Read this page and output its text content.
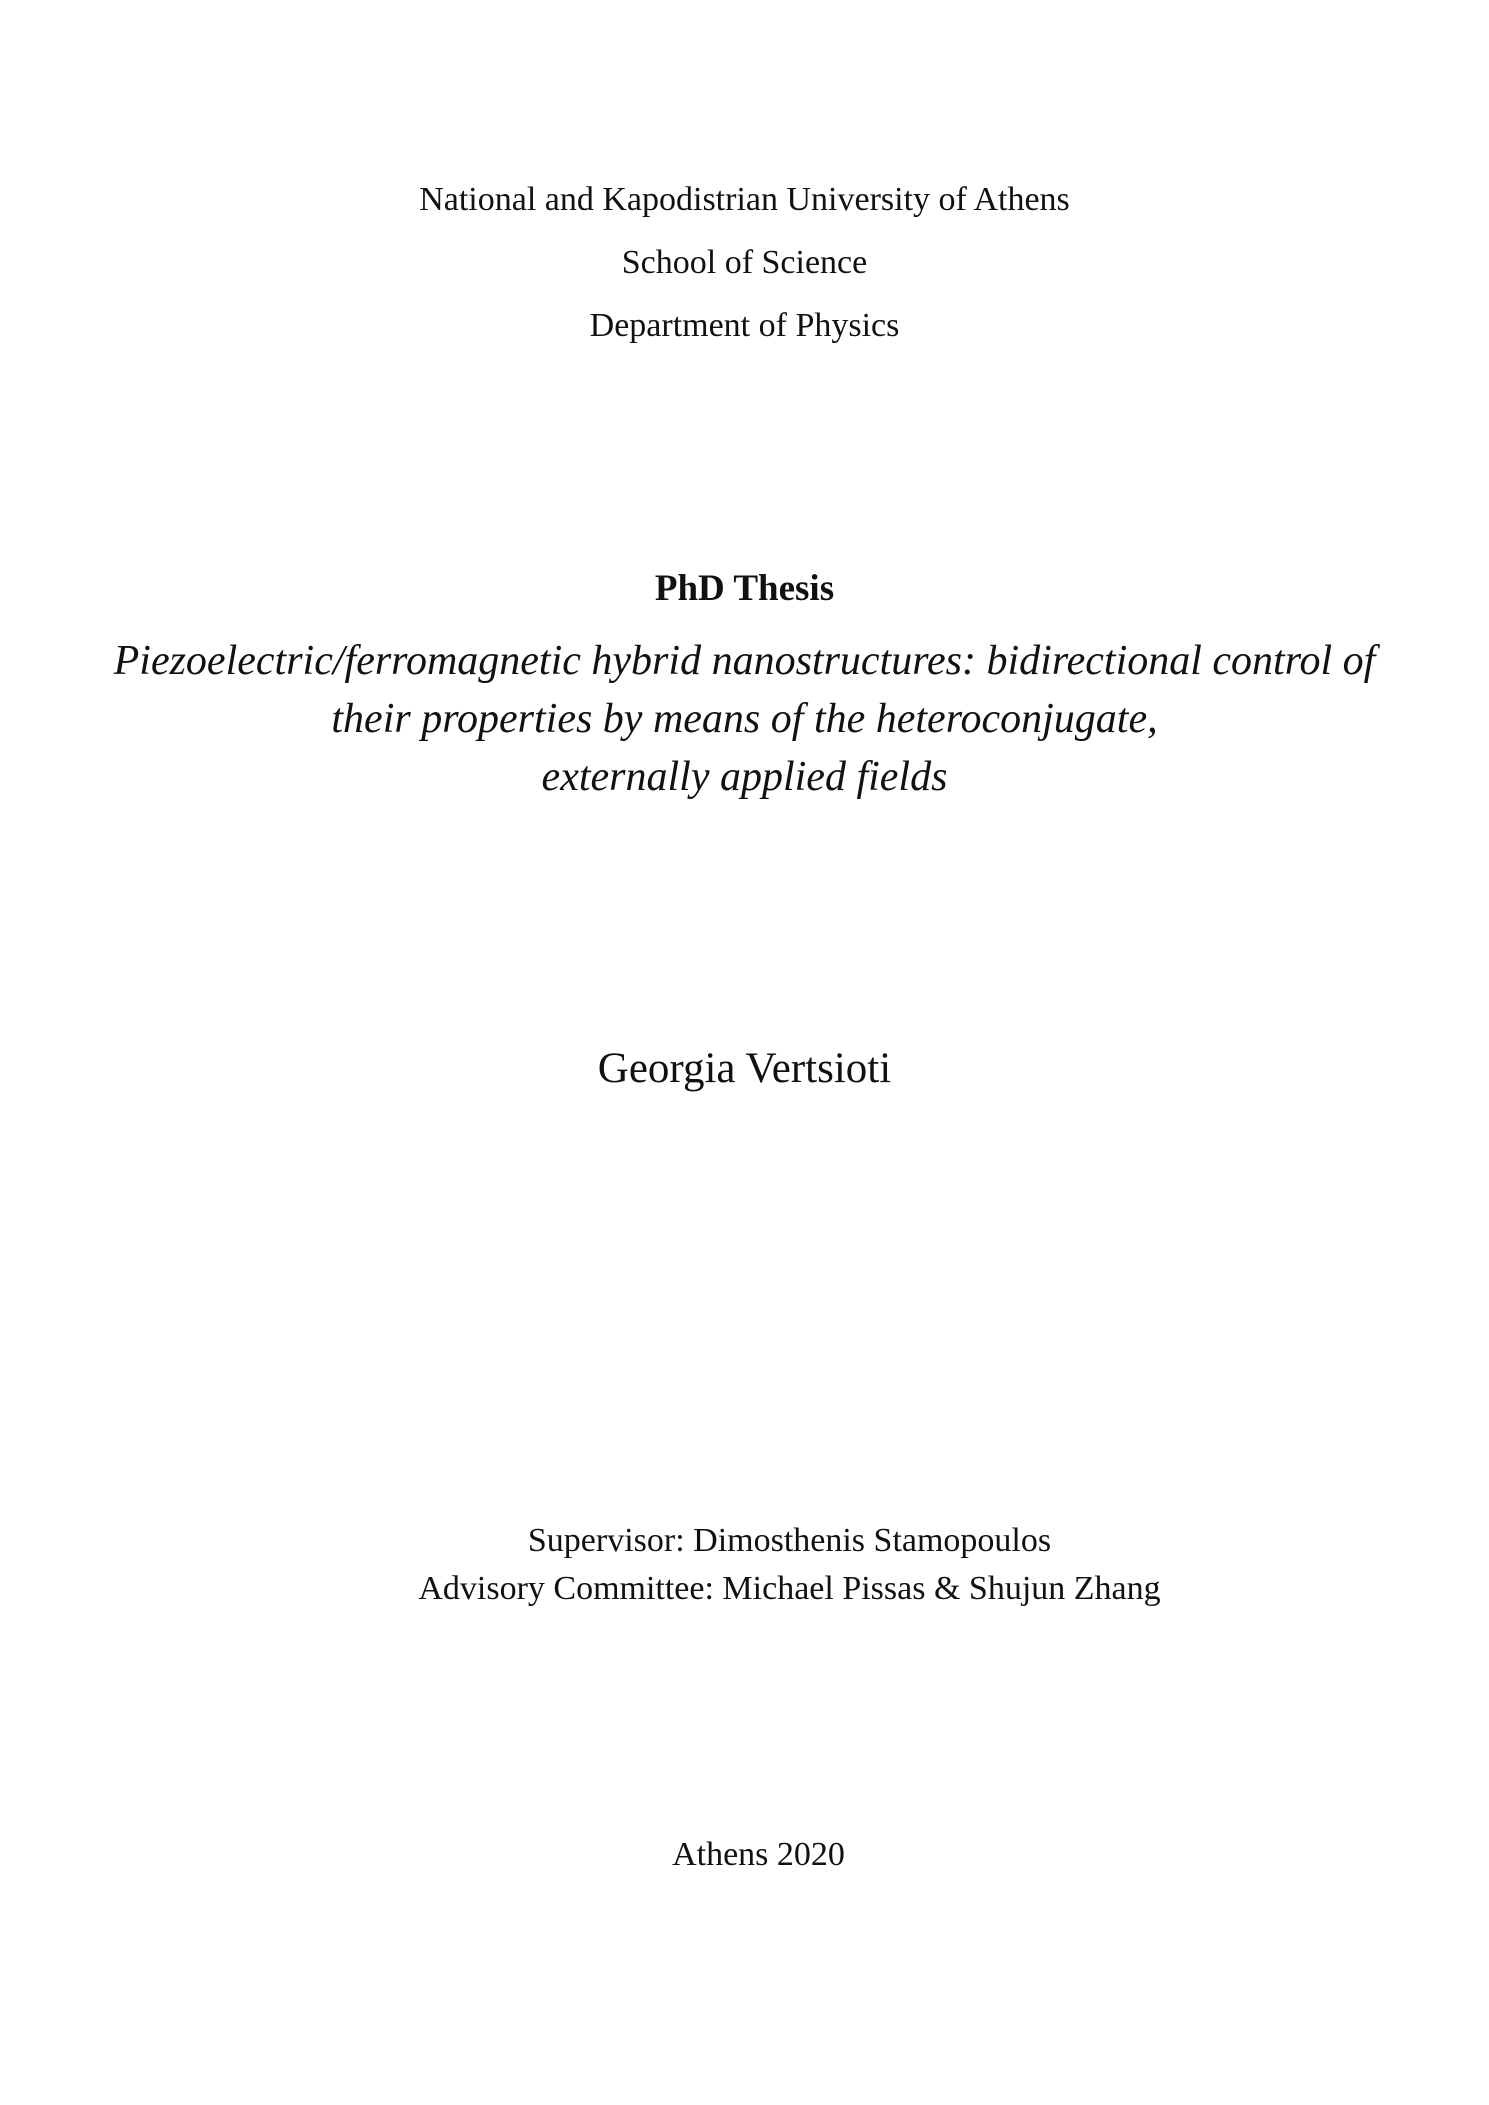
National and Kapodistrian University of Athens
School of Science
Department of Physics
PhD Thesis
Piezoelectric/ferromagnetic hybrid nanostructures: bidirectional control of
their properties by means of the heteroconjugate,
externally applied fields
Georgia Vertsioti
Supervisor: Dimosthenis Stamopoulos
Advisory Committee: Michael Pissas & Shujun Zhang
Athens 2020
